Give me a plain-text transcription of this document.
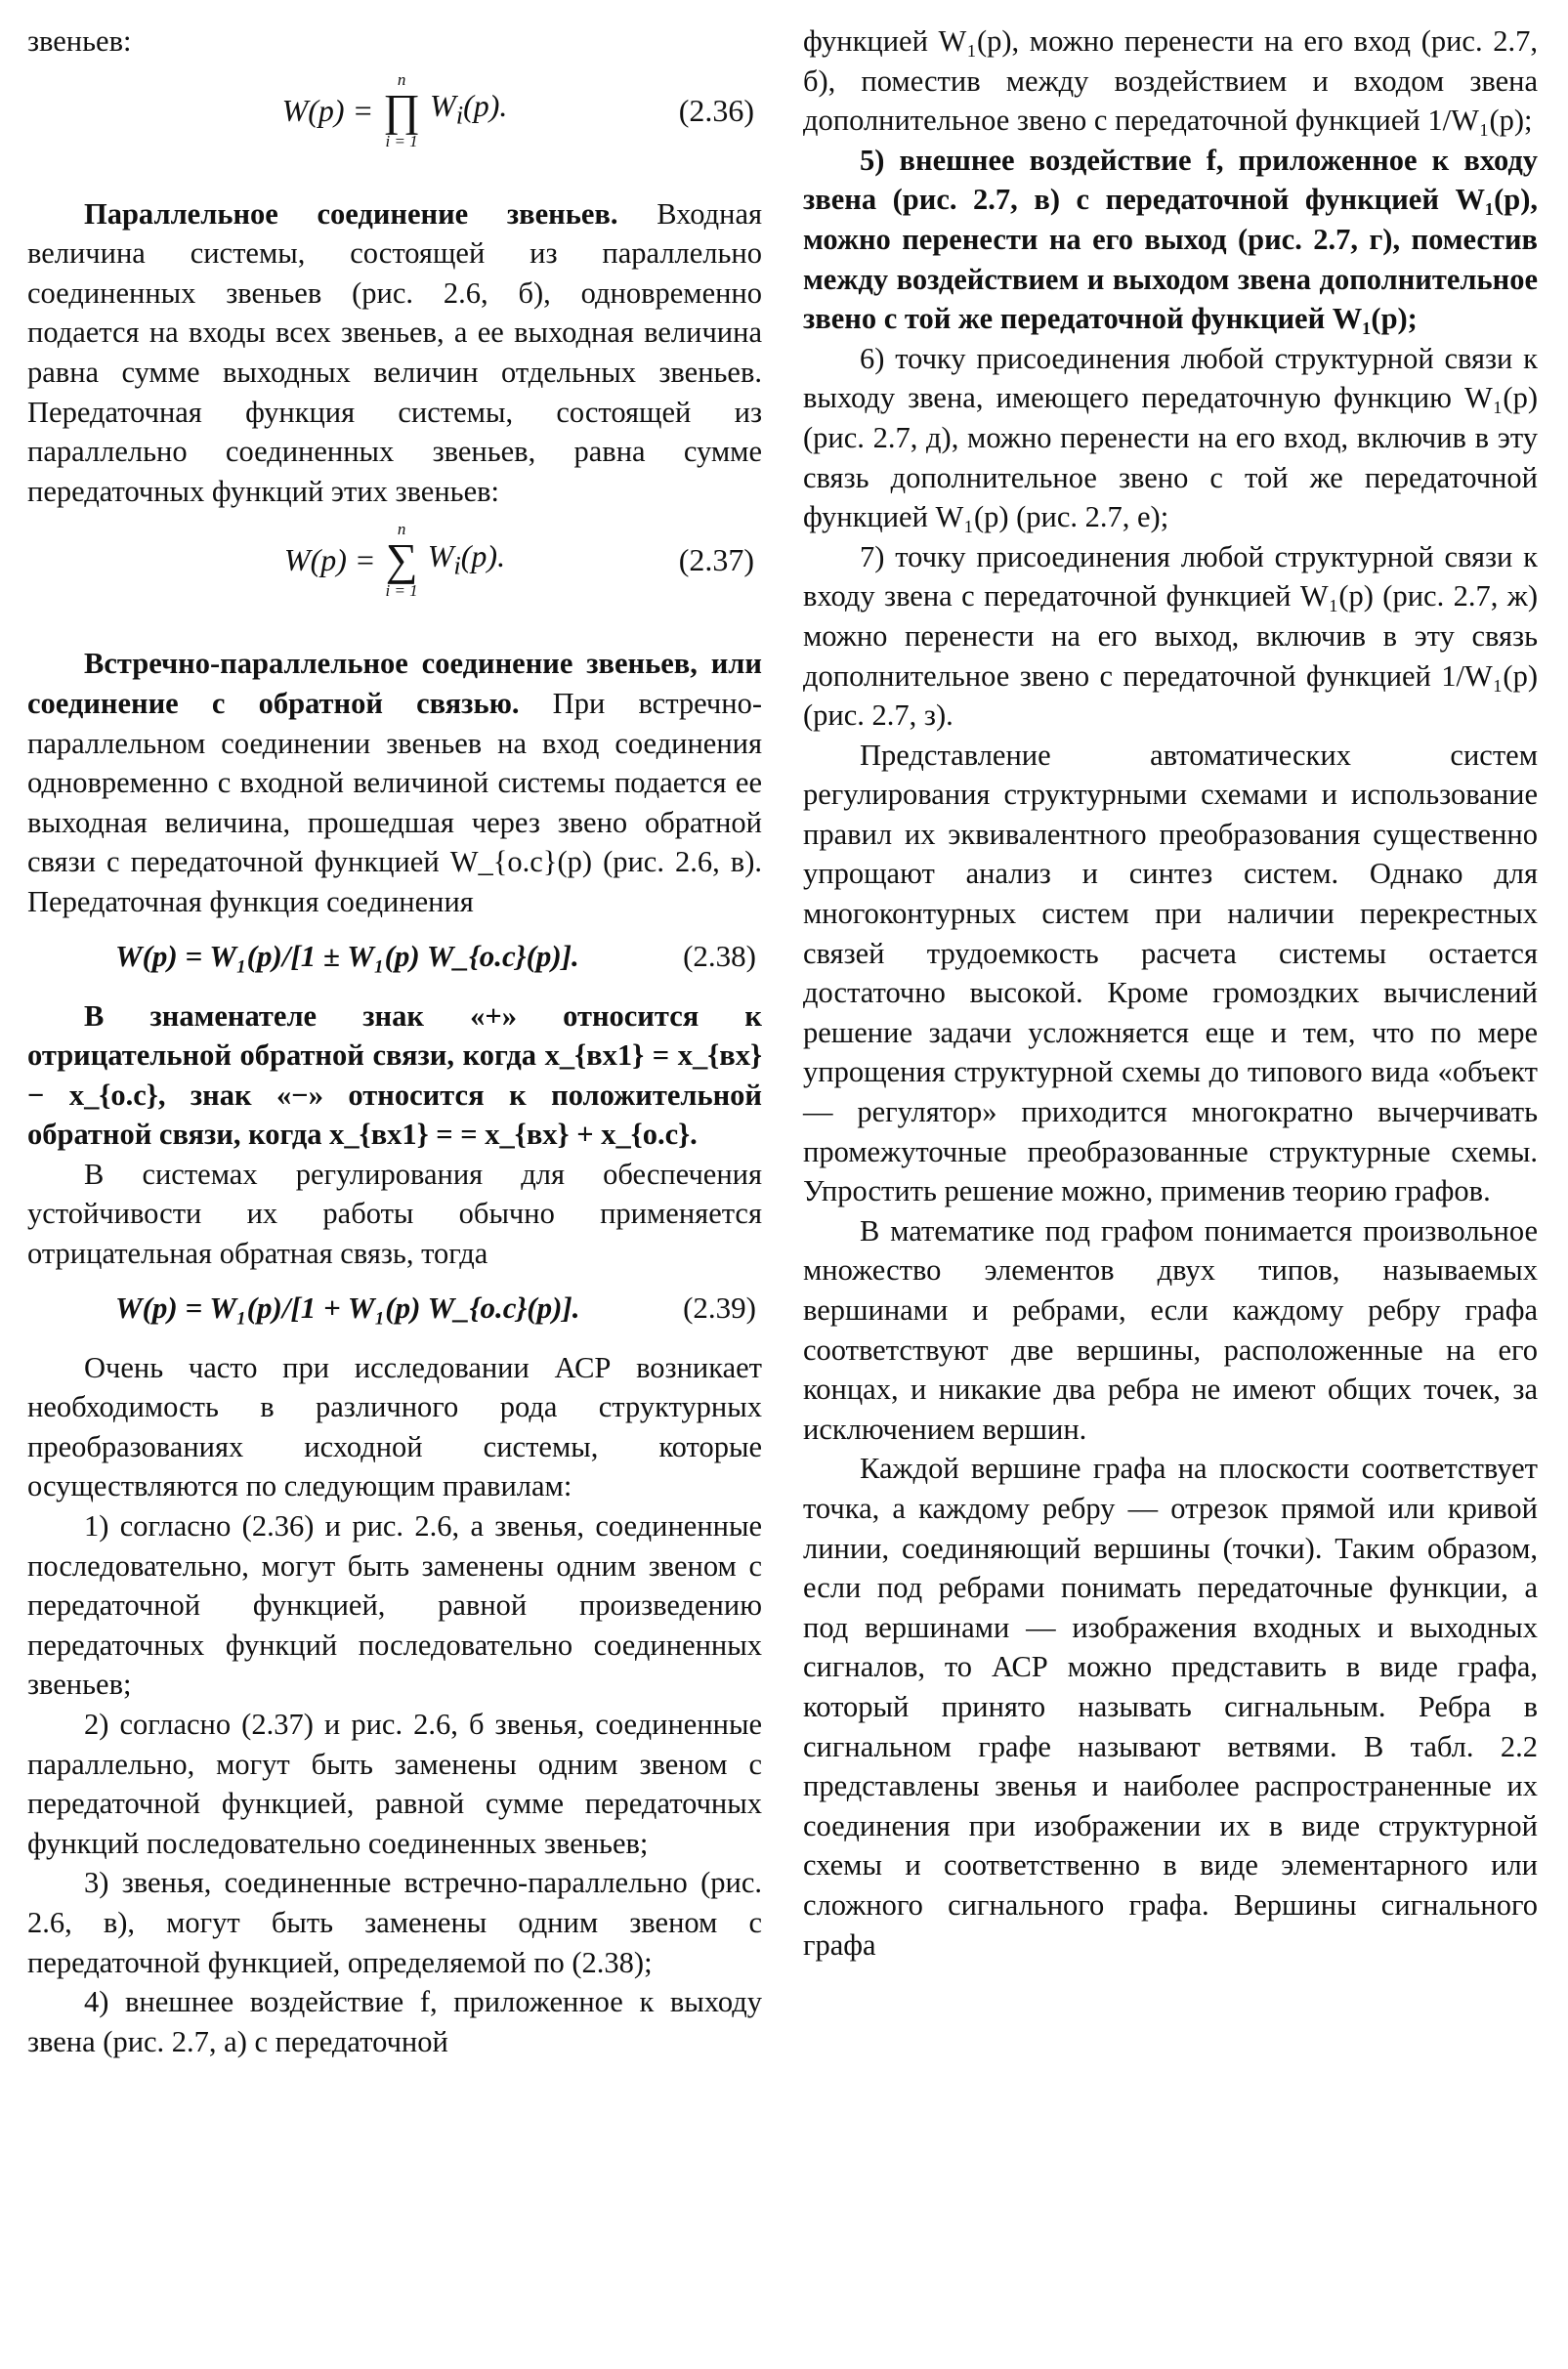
звеньев:

W(p) =
n
∏
i = 1
$W_i(p)$.	(2.36)

Параллельное соединение звеньев. Входная величина системы, состоящей из параллельно соединенных звеньев (рис. 2.6, б), одновременно подается на входы всех звеньев, а ее выходная величина равна сумме выходных величин отдельных звеньев. Передаточная функция системы, состоящей из параллельно соединенных звеньев, равна сумме передаточных функций этих звеньев:

W(p) =
n
∑
i = 1
$W_i(p)$.	(2.37)

Встречно-параллельное соединение звеньев, или соединение с обратной связью. При встречно-параллельном соединении звеньев на вход соединения одновременно с входной величиной системы подается ее выходная величина, прошедшая через звено обратной связи с передаточной функцией W_{о.с}(p) (рис. 2.6, в). Передаточная функция соединения

W(p) = W₁(p)/[1 ± W₁(p) W_{о.с}(p)].	(2.38)

В знаменателе знак «+» относится к отрицательной обратной связи, когда x_{вх1} = x_{вх} − x_{о.с}, знак «−» относится к положительной обратной связи, когда x_{вх1} = = x_{вх} + x_{о.с}.

В системах регулирования для обеспечения устойчивости их работы обычно применяется отрицательная обратная связь, тогда

W(p) = W₁(p)/[1 + W₁(p) W_{о.с}(p)].	(2.39)

Очень часто при исследовании АСР возникает необходимость в различного рода структурных преобразованиях исходной системы, которые осуществляются по следующим правилам:

1) согласно (2.36) и рис. 2.6, а звенья, соединенные последовательно, могут быть заменены одним звеном с передаточной функцией, равной произведению передаточных функций последовательно соединенных звеньев;

2) согласно (2.37) и рис. 2.6, б звенья, соединенные параллельно, могут быть заменены одним звеном с передаточной функцией, равной сумме передаточных функций последовательно соединенных звеньев;

3) звенья, соединенные встречно-параллельно (рис. 2.6, в), могут быть заменены одним звеном с передаточной функцией, определяемой по (2.38);

4) внешнее воздействие f, приложенное к выходу звена (рис. 2.7, а) с передаточной

функцией W₁(p), можно перенести на его вход (рис. 2.7, б), поместив между воздействием и входом звена дополнительное звено с передаточной функцией 1/W₁(p);

5) внешнее воздействие f, приложенное к входу звена (рис. 2.7, в) с передаточной функцией W₁(p), можно перенести на его выход (рис. 2.7, г), поместив между воздействием и выходом звена дополнительное звено с той же передаточной функцией W₁(p);

6) точку присоединения любой структурной связи к выходу звена, имеющего передаточную функцию W₁(p) (рис. 2.7, д), можно перенести на его вход, включив в эту связь дополнительное звено с той же передаточной функцией W₁(p) (рис. 2.7, е);

7) точку присоединения любой структурной связи к входу звена с передаточной функцией W₁(p) (рис. 2.7, ж) можно перенести на его выход, включив в эту связь дополнительное звено с передаточной функцией 1/W₁(p) (рис. 2.7, з).

Представление автоматических систем регулирования структурными схемами и использование правил их эквивалентного преобразования существенно упрощают анализ и синтез систем. Однако для многоконтурных систем при наличии перекрестных связей трудоемкость расчета системы остается достаточно высокой. Кроме громоздких вычислений решение задачи усложняется еще и тем, что по мере упрощения структурной схемы до типового вида «объект — регулятор» приходится многократно вычерчивать промежуточные преобразованные структурные схемы. Упростить решение можно, применив теорию графов.

В математике под графом понимается произвольное множество элементов двух типов, называемых вершинами и ребрами, если каждому ребру графа соответствуют две вершины, расположенные на его концах, и никакие два ребра не имеют общих точек, за исключением вершин.

Каждой вершине графа на плоскости соответствует точка, а каждому ребру — отрезок прямой или кривой линии, соединяющий вершины (точки). Таким образом, если под ребрами понимать передаточные функции, а под вершинами — изображения входных и выходных сигналов, то АСР можно представить в виде графа, который принято называть сигнальным. Ребра в сигнальном графе называют ветвями. В табл. 2.2 представлены звенья и наиболее распространенные их соединения при изображении их в виде структурной схемы и соответственно в виде элементарного или сложного сигнального графа. Вершины сигнального графа
